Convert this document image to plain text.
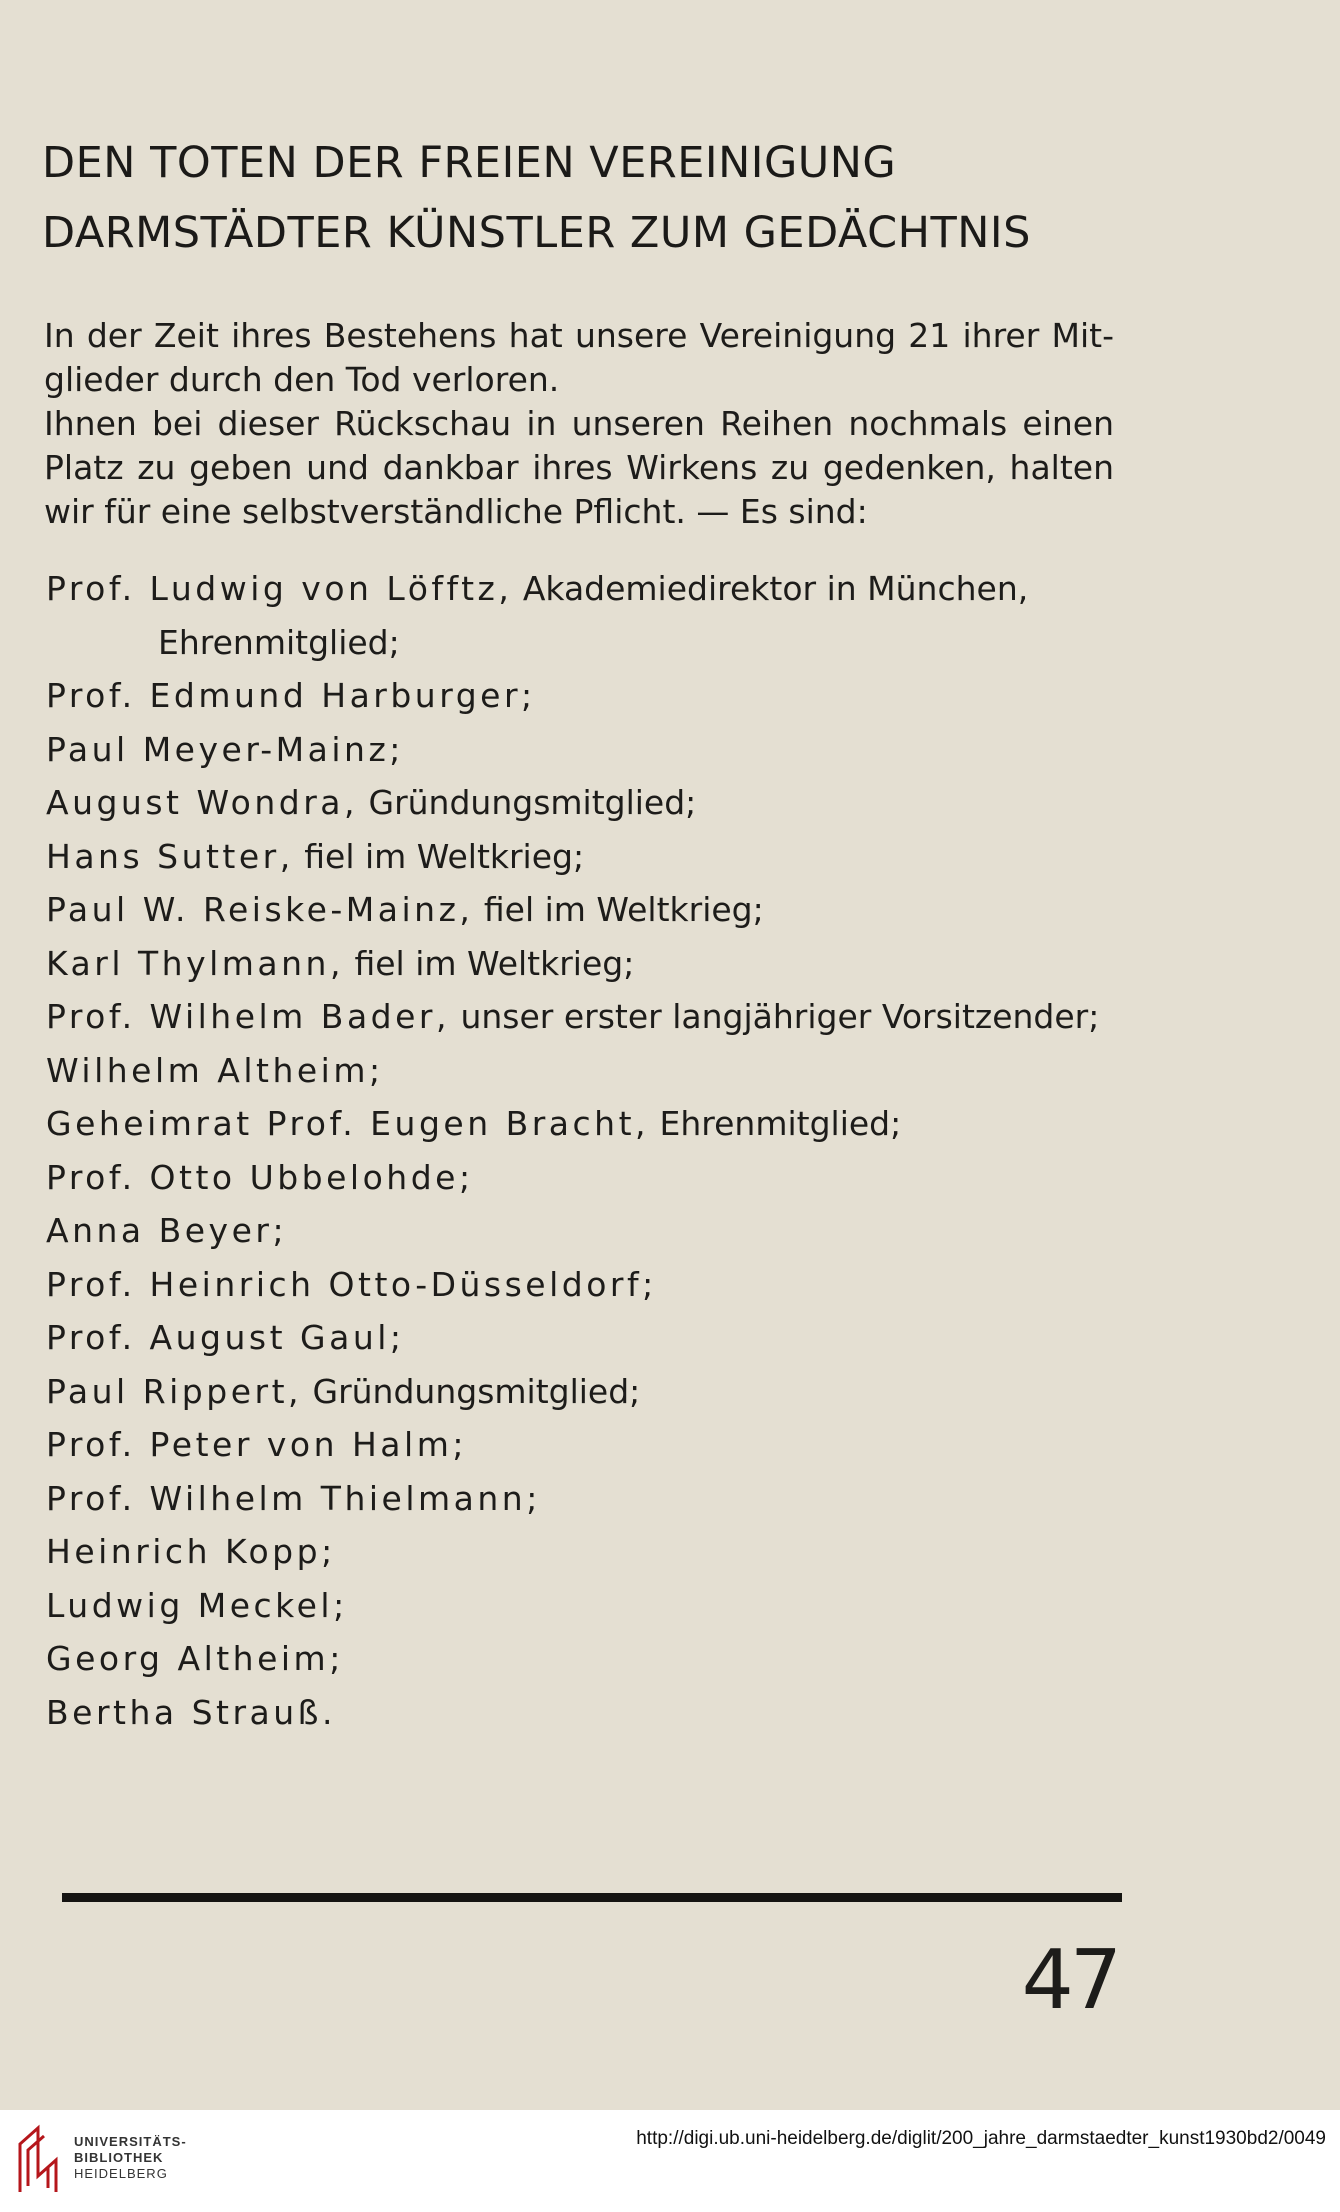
DEN TOTEN DER FREIEN VEREINIGUNG
DARMSTÄDTER KÜNSTLER ZUM GEDÄCHTNIS
In der Zeit ihres Bestehens hat unsere Vereinigung 21 ihrer Mit-
glieder durch den Tod verloren.
Ihnen bei dieser Rückschau in unseren Reihen nochmals einen
Platz zu geben und dankbar ihres Wirkens zu gedenken, halten
wir für eine selbstverständliche Pflicht. — Es sind:
Prof. Ludwig von Löfftz, Akademiedirektor in München,
Ehrenmitglied;
Prof. Edmund Harburger;
Paul Meyer-Mainz;
August Wondra, Gründungsmitglied;
Hans Sutter, fiel im Weltkrieg;
Paul W. Reiske-Mainz, fiel im Weltkrieg;
Karl Thylmann, fiel im Weltkrieg;
Prof. Wilhelm Bader, unser erster langjähriger Vorsitzender;
Wilhelm Altheim;
Geheimrat Prof. Eugen Bracht, Ehrenmitglied;
Prof. Otto Ubbelohde;
Anna Beyer;
Prof. Heinrich Otto-Düsseldorf;
Prof. August Gaul;
Paul Rippert, Gründungsmitglied;
Prof. Peter von Halm;
Prof. Wilhelm Thielmann;
Heinrich Kopp;
Ludwig Meckel;
Georg Altheim;
Bertha Strauß.
47
UNIVERSITÄTS-
BIBLIOTHEK
HEIDELBERG
http://digi.ub.uni-heidelberg.de/diglit/200_jahre_darmstaedter_kunst1930bd2/0049
